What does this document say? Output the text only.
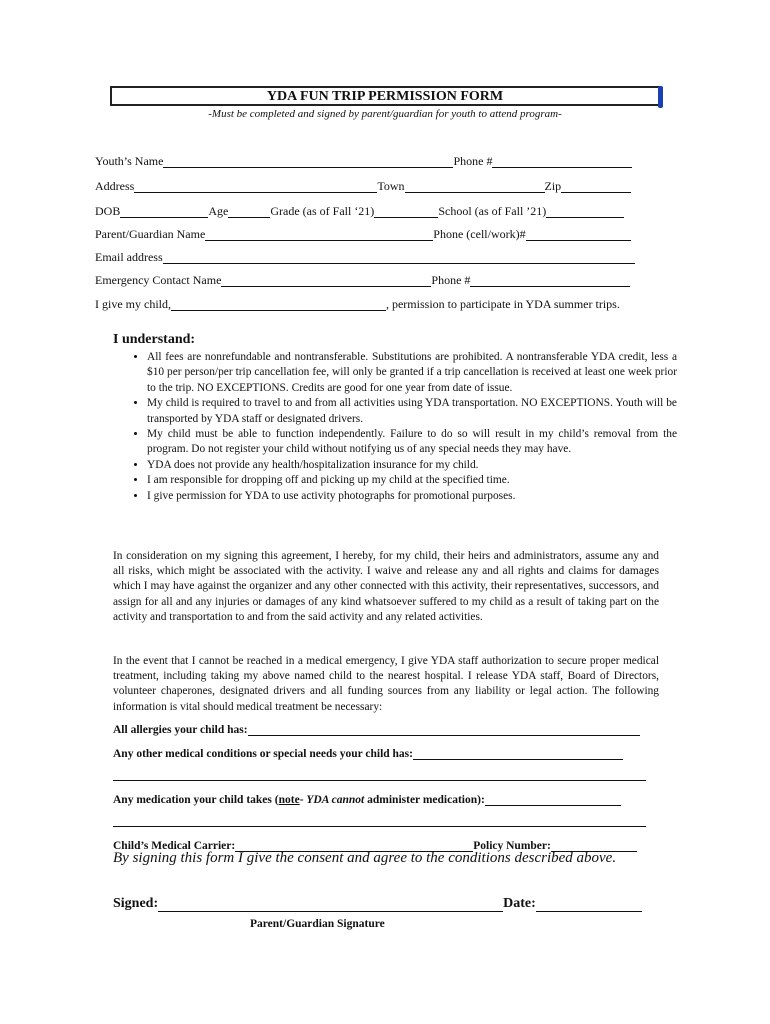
YDA FUN TRIP PERMISSION FORM
-Must be completed and signed by parent/guardian for youth to attend program-
Youth’s Name	Phone #
Address	Town	Zip
DOB	Age	Grade (as of Fall ‘21)	School (as of Fall ’21)
Parent/Guardian Name	Phone (cell/work)#
Email address
Emergency Contact Name	Phone #
I give my child,	, permission to participate in YDA summer trips.
I understand:
• All fees are nonrefundable and nontransferable. Substitutions are prohibited. A nontransferable YDA credit, less a $10 per person/per trip cancellation fee, will only be granted if a trip cancellation is received at least one week prior to the trip. NO EXCEPTIONS. Credits are good for one year from date of issue.
• My child is required to travel to and from all activities using YDA transportation. NO EXCEPTIONS. Youth will be transported by YDA staff or designated drivers.
• My child must be able to function independently. Failure to do so will result in my child’s removal from the program. Do not register your child without notifying us of any special needs they may have.
• YDA does not provide any health/hospitalization insurance for my child.
• I am responsible for dropping off and picking up my child at the specified time.
• I give permission for YDA to use activity photographs for promotional purposes.

In consideration on my signing this agreement, I hereby, for my child, their heirs and administrators, assume any and all risks, which might be associated with the activity. I waive and release any and all rights and claims for damages which I may have against the organizer and any other connected with this activity, their representatives, successors, and assign for all and any injuries or damages of any kind whatsoever suffered to my child as a result of taking part on the activity and transportation to and from the said activity and any related activities.

In the event that I cannot be reached in a medical emergency, I give YDA staff authorization to secure proper medical treatment, including taking my above named child to the nearest hospital. I release YDA staff, Board of Directors, volunteer chaperones, designated drivers and all funding sources from any liability or legal action. The following information is vital should medical treatment be necessary:

All allergies your child has:
Any other medical conditions or special needs your child has:
Any medication your child takes ( note - YDA cannot administer medication):
Child’s Medical Carrier:	Policy Number:
By signing this form I give the consent and agree to the conditions described above.
Signed:	Date:
Parent/Guardian Signature
